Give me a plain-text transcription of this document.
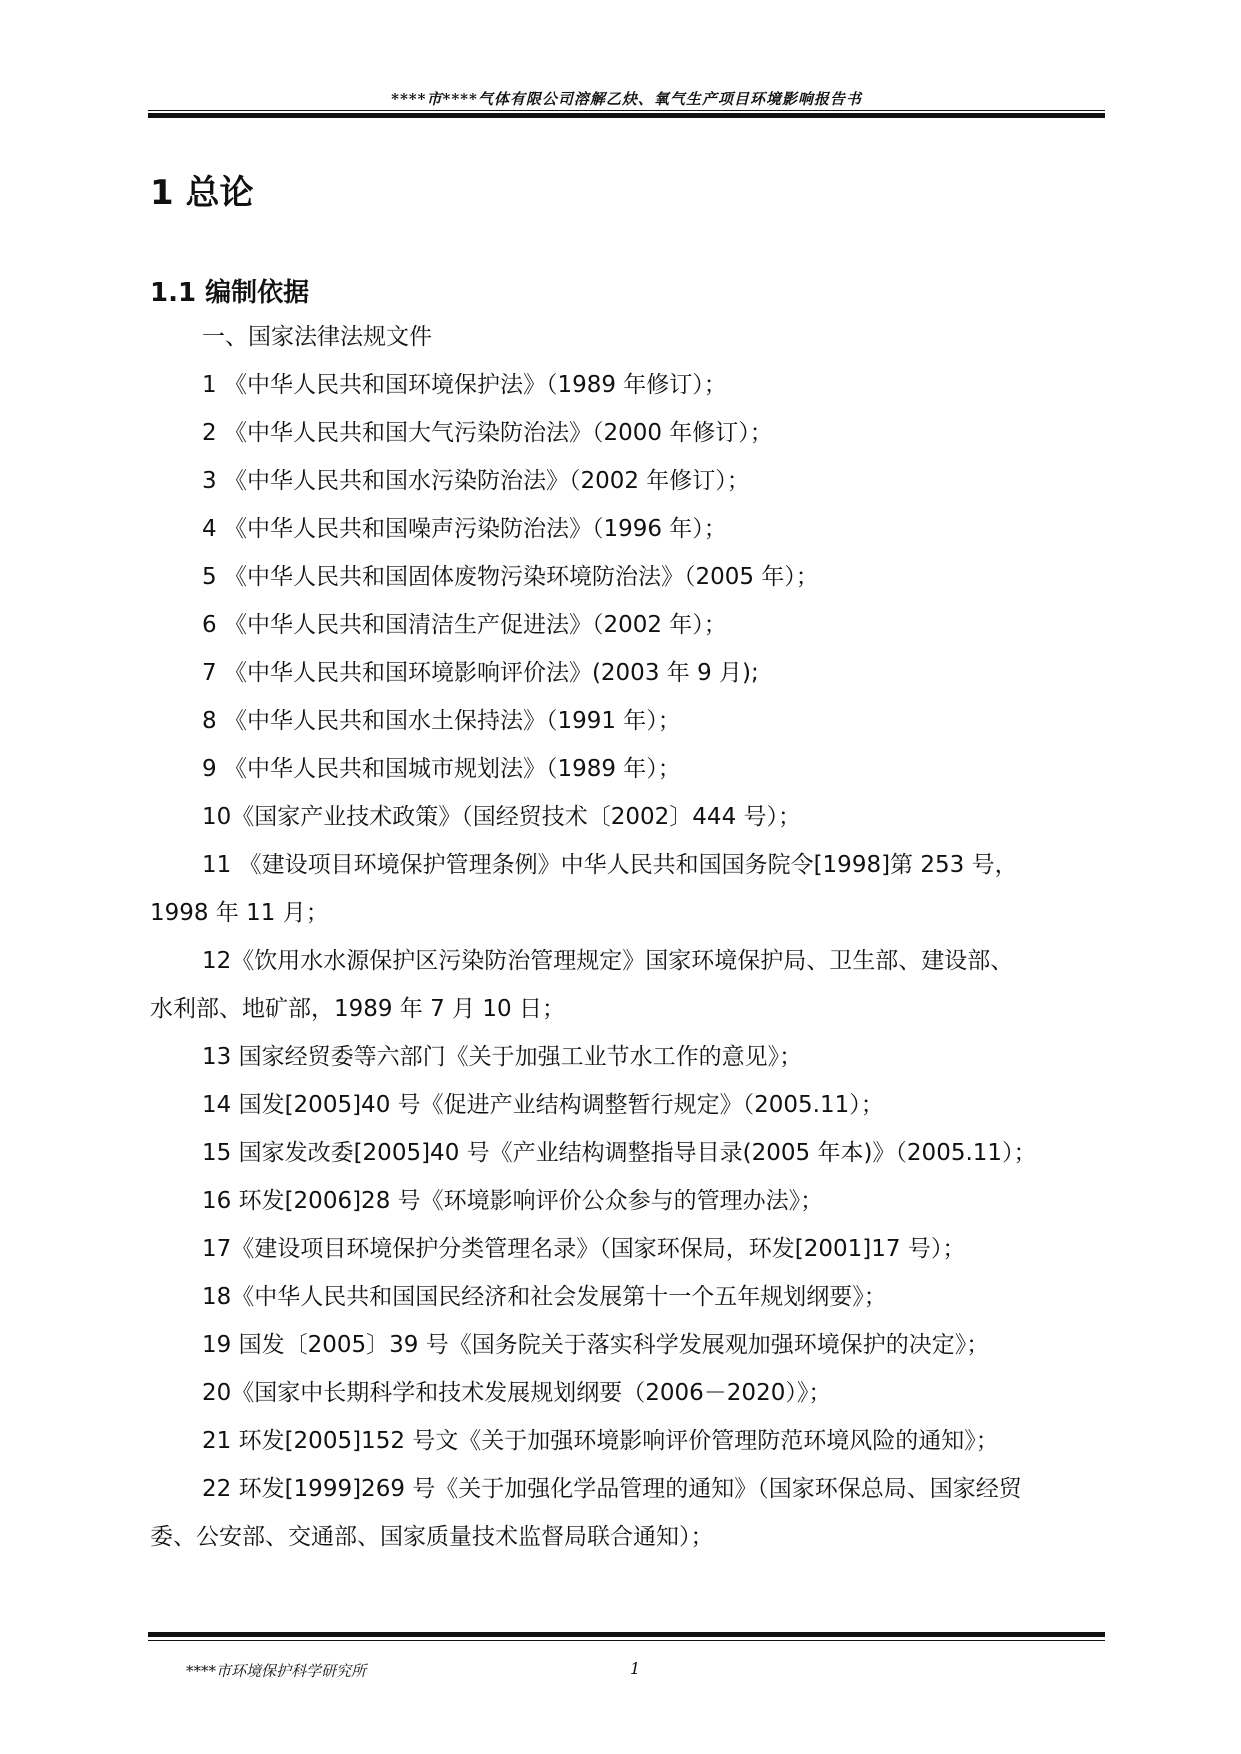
****市****气体有限公司溶解乙炔、氧气生产项目环境影响报告书
1 总论
1.1 编制依据
一、国家法律法规文件
1 《中华人民共和国环境保护法》（1989 年修订）；
2 《中华人民共和国大气污染防治法》（2000 年修订）；
3 《中华人民共和国水污染防治法》（2002 年修订）；
4 《中华人民共和国噪声污染防治法》（1996 年）；
5 《中华人民共和国固体废物污染环境防治法》（2005 年）；
6 《中华人民共和国清洁生产促进法》（2002 年）；
7 《中华人民共和国环境影响评价法》(2003 年 9 月);
8 《中华人民共和国水土保持法》（1991 年）；
9 《中华人民共和国城市规划法》（1989 年）；
10《国家产业技术政策》（国经贸技术〔2002〕444 号）；
11 《建设项目环境保护管理条例》中华人民共和国国务院令[1998]第 253 号，
1998 年 11 月；
12《饮用水水源保护区污染防治管理规定》国家环境保护局、卫生部、建设部、
水利部、地矿部，1989 年 7 月 10 日；
13 国家经贸委等六部门《关于加强工业节水工作的意见》；
14 国发[2005]40 号《促进产业结构调整暂行规定》（2005.11）；
15 国家发改委[2005]40 号《产业结构调整指导目录(2005 年本)》（2005.11）；
16 环发[2006]28 号《环境影响评价公众参与的管理办法》；
17《建设项目环境保护分类管理名录》（国家环保局，环发[2001]17 号）；
18《中华人民共和国国民经济和社会发展第十一个五年规划纲要》；
19 国发〔2005〕39 号《国务院关于落实科学发展观加强环境保护的决定》；
20《国家中长期科学和技术发展规划纲要（2006－2020）》；
21 环发[2005]152 号文《关于加强环境影响评价管理防范环境风险的通知》；
22 环发[1999]269 号《关于加强化学品管理的通知》（国家环保总局、国家经贸
委、公安部、交通部、国家质量技术监督局联合通知）；
****市环境保护科学研究所	1
